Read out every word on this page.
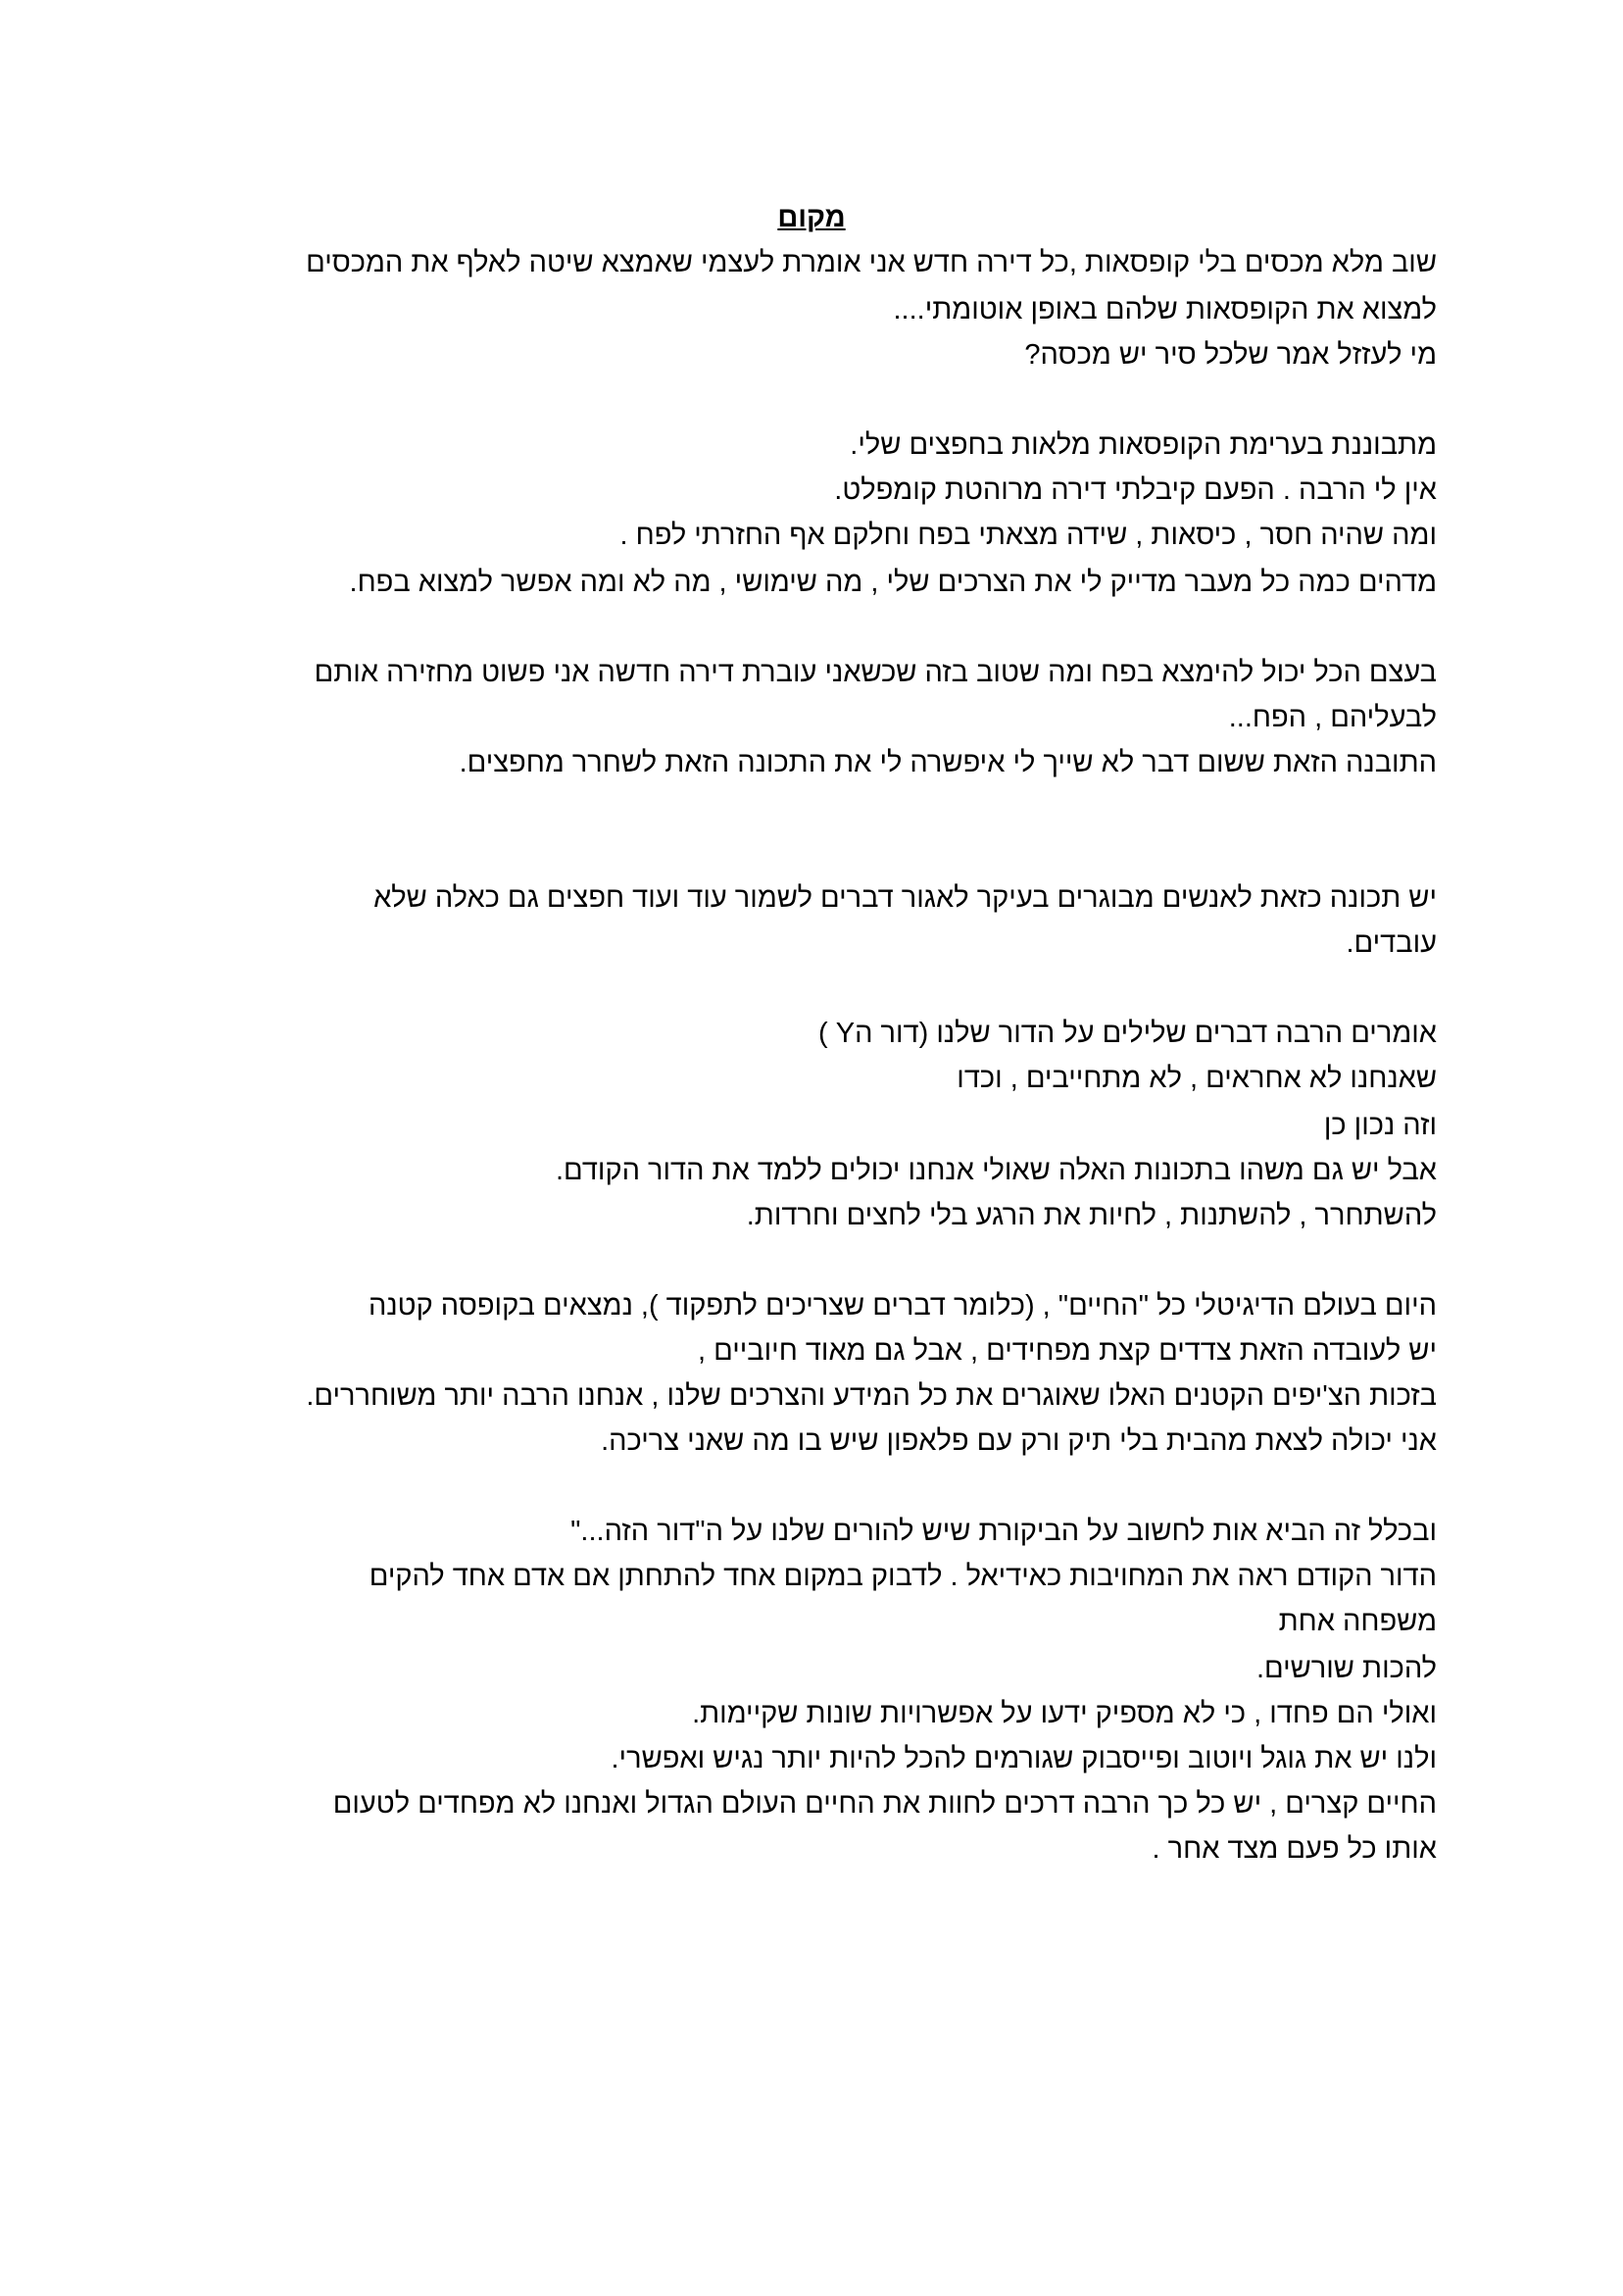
מקום
שוב מלא מכסים בלי קופסאות ,כל דירה חדש אני אומרת לעצמי שאמצא שיטה לאלף את המכסים
למצוא את הקופסאות שלהם באופן אוטומתי....
מי לעזזל אמר שלכל סיר יש מכסה?
מתבוננת בערימת הקופסאות מלאות בחפצים שלי.
אין לי הרבה . הפעם קיבלתי דירה מרוהטת קומפלט.
ומה שהיה חסר , כיסאות , שידה מצאתי בפח וחלקם אף החזרתי לפח .
מדהים כמה כל מעבר מדייק לי את הצרכים שלי , מה שימושי , מה לא ומה אפשר למצוא בפח.
בעצם הכל יכול להימצא בפח ומה שטוב בזה שכשאני עוברת דירה חדשה אני פשוט מחזירה אותם
לבעליהם , הפח...
התובנה הזאת ששום דבר לא שייך לי איפשרה לי את התכונה הזאת לשחרר מחפצים.
יש תכונה כזאת לאנשים מבוגרים בעיקר לאגור דברים לשמור עוד ועוד חפצים גם כאלה שלא
עובדים.
אומרים הרבה דברים שלילים על הדור שלנו (דור הY )
שאנחנו לא אחראים , לא מתחייבים , וכדו
וזה נכון כן
אבל יש גם משהו בתכונות האלה שאולי אנחנו יכולים ללמד את הדור הקודם.
להשתחרר , להשתנות , לחיות את הרגע בלי לחצים וחרדות.
היום בעולם הדיגיטלי כל "החיים" , (כלומר דברים שצריכים לתפקוד ), נמצאים בקופסה קטנה
יש לעובדה הזאת צדדים קצת מפחידים , אבל גם מאוד חיוביים ,
בזכות הצ'יפים הקטנים האלו שאוגרים את כל המידע והצרכים שלנו , אנחנו הרבה יותר משוחררים.
אני יכולה לצאת מהבית בלי תיק ורק עם פלאפון שיש בו מה שאני צריכה.
ובכלל זה הביא אות לחשוב על הביקורת שיש להורים שלנו על ה"דור הזה..."
הדור הקודם ראה את המחויבות כאידיאל . לדבוק במקום אחד להתחתן אם אדם אחד להקים
משפחה אחת
להכות שורשים.
ואולי הם פחדו , כי לא מספיק ידעו על אפשרויות שונות שקיימות.
ולנו יש את גוגל ויוטוב ופייסבוק שגורמים להכל להיות יותר נגיש ואפשרי.
החיים קצרים , יש כל כך הרבה דרכים לחוות את החיים העולם הגדול ואנחנו לא מפחדים לטעום
אותו כל פעם מצד אחר .
